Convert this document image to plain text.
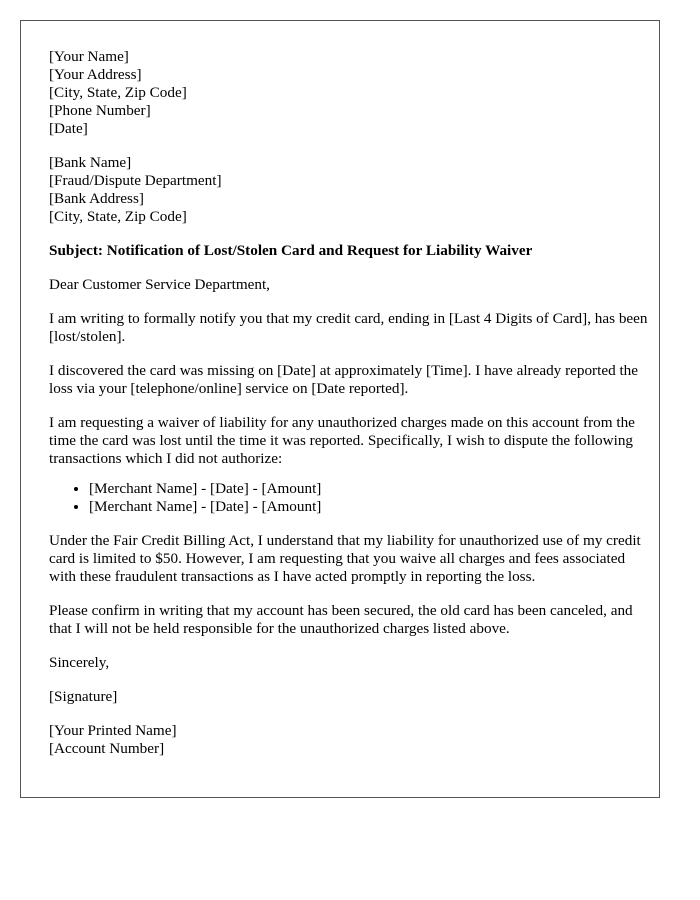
[Your Name]
[Your Address]
[City, State, Zip Code]
[Phone Number]
[Date]
[Bank Name]
[Fraud/Dispute Department]
[Bank Address]
[City, State, Zip Code]

Subject: Notification of Lost/Stolen Card and Request for Liability Waiver

Dear Customer Service Department,

I am writing to formally notify you that my credit card, ending in [Last 4 Digits of Card], has been [lost/stolen].

I discovered the card was missing on [Date] at approximately [Time]. I have already reported the loss via your [telephone/online] service on [Date reported].

I am requesting a waiver of liability for any unauthorized charges made on this account from the time the card was lost until the time it was reported. Specifically, I wish to dispute the following transactions which I did not authorize:

• [Merchant Name] - [Date] - [Amount]
• [Merchant Name] - [Date] - [Amount]

Under the Fair Credit Billing Act, I understand that my liability for unauthorized use of my credit card is limited to $50. However, I am requesting that you waive all charges and fees associated with these fraudulent transactions as I have acted promptly in reporting the loss.

Please confirm in writing that my account has been secured, the old card has been canceled, and that I will not be held responsible for the unauthorized charges listed above.

Sincerely,

[Signature]

[Your Printed Name]
[Account Number]
